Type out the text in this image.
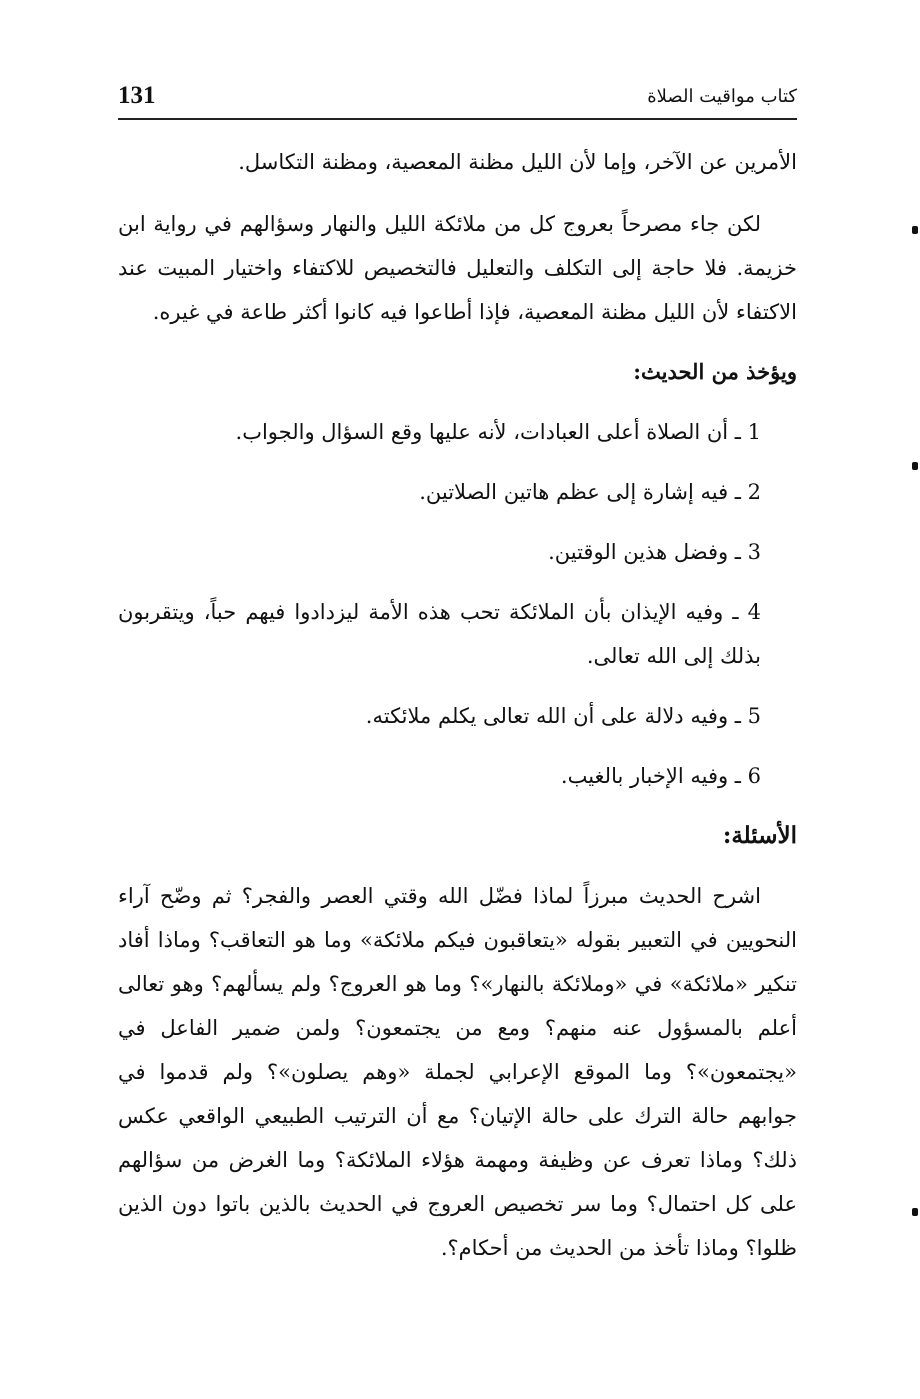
131	كتاب مواقيت الصلاة

الأمرين عن الآخر، وإما لأن الليل مظنة المعصية، ومظنة التكاسل.

لكن جاء مصرحاً بعروج كل من ملائكة الليل والنهار وسؤالهم في رواية ابن خزيمة. فلا حاجة إلى التكلف والتعليل فالتخصيص للاكتفاء واختيار المبيت عند الاكتفاء لأن الليل مظنة المعصية، فإذا أطاعوا فيه كانوا أكثر طاعة في غيره.

ويؤخذ من الحديث:

1 ـ أن الصلاة أعلى العبادات، لأنه عليها وقع السؤال والجواب.

2 ـ فيه إشارة إلى عظم هاتين الصلاتين.

3 ـ وفضل هذين الوقتين.

4 ـ وفيه الإيذان بأن الملائكة تحب هذه الأمة ليزدادوا فيهم حباً، ويتقربون بذلك إلى الله تعالى.

5 ـ وفيه دلالة على أن الله تعالى يكلم ملائكته.

6 ـ وفيه الإخبار بالغيب.

الأسئلة:

اشرح الحديث مبرزاً لماذا فضّل الله وقتي العصر والفجر؟ ثم وضّح آراء النحويين في التعبير بقوله «يتعاقبون فيكم ملائكة» وما هو التعاقب؟ وماذا أفاد تنكير «ملائكة» في «وملائكة بالنهار»؟ وما هو العروج؟ ولم يسألهم؟ وهو تعالى أعلم بالمسؤول عنه منهم؟ ومع من يجتمعون؟ ولمن ضمير الفاعل في «يجتمعون»؟ وما الموقع الإعرابي لجملة «وهم يصلون»؟ ولم قدموا في جوابهم حالة الترك على حالة الإتيان؟ مع أن الترتيب الطبيعي الواقعي عكس ذلك؟ وماذا تعرف عن وظيفة ومهمة هؤلاء الملائكة؟ وما الغرض من سؤالهم على كل احتمال؟ وما سر تخصيص العروج في الحديث بالذين باتوا دون الذين ظلوا؟ وماذا تأخذ من الحديث من أحكام؟.
